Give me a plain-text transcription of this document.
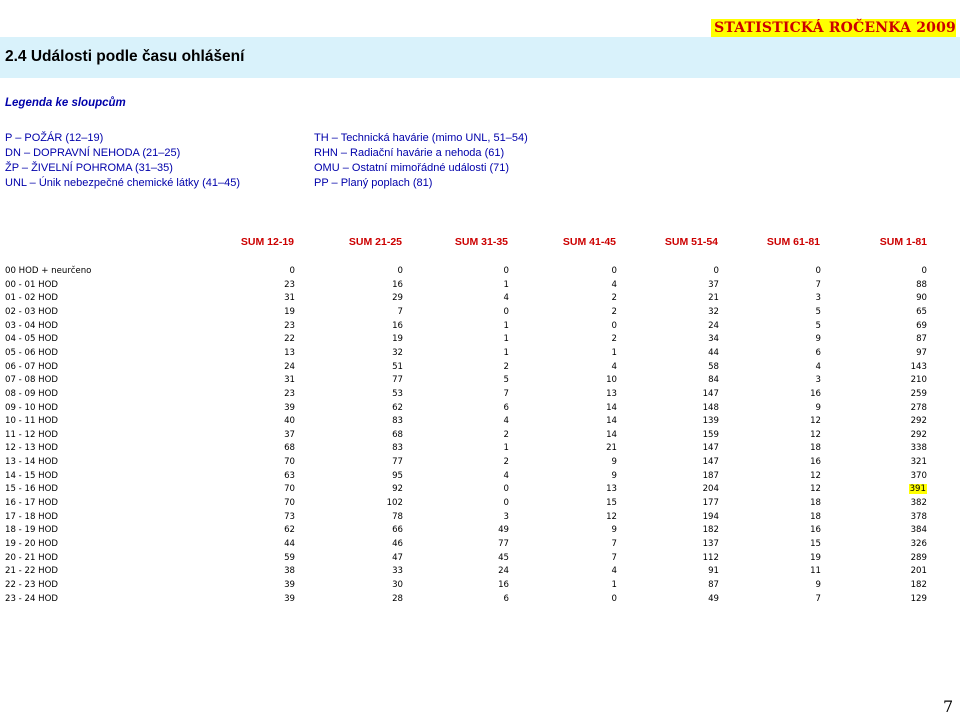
STATISTICKÁ ROČENKA 2009
2.4 Události podle času ohlášení
Legenda ke sloupcům
P – POŽÁR (12–19)
DN – DOPRAVNÍ NEHODA (21–25)
ŽP – ŽIVELNÍ POHROMA (31–35)
UNL – Únik nebezpečné chemické látky (41–45)
TH – Technická havárie (mimo UNL, 51–54)
RHN – Radiační havárie a nehoda (61)
OMU – Ostatní mimořádné události (71)
PP – Planý poplach (81)
SUM 12-19	SUM 21-25	SUM 31-35	SUM 41-45	SUM 51-54	SUM 61-81	SUM 1-81
00 HOD + neurčeno	0	0	0	0	0	0	0
00 - 01 HOD	23	16	1	4	37	7	88
01 - 02 HOD	31	29	4	2	21	3	90
02 - 03 HOD	19	7	0	2	32	5	65
03 - 04 HOD	23	16	1	0	24	5	69
04 - 05 HOD	22	19	1	2	34	9	87
05 - 06 HOD	13	32	1	1	44	6	97
06 - 07 HOD	24	51	2	4	58	4	143
07 - 08 HOD	31	77	5	10	84	3	210
08 - 09 HOD	23	53	7	13	147	16	259
09 - 10 HOD	39	62	6	14	148	9	278
10 - 11 HOD	40	83	4	14	139	12	292
11 - 12 HOD	37	68	2	14	159	12	292
12 - 13 HOD	68	83	1	21	147	18	338
13 - 14 HOD	70	77	2	9	147	16	321
14 - 15 HOD	63	95	4	9	187	12	370
15 - 16 HOD	70	92	0	13	204	12	391
16 - 17 HOD	70	102	0	15	177	18	382
17 - 18 HOD	73	78	3	12	194	18	378
18 - 19 HOD	62	66	49	9	182	16	384
19 - 20 HOD	44	46	77	7	137	15	326
20 - 21 HOD	59	47	45	7	112	19	289
21 - 22 HOD	38	33	24	4	91	11	201
22 - 23 HOD	39	30	16	1	87	9	182
23 - 24 HOD	39	28	6	0	49	7	129
7
